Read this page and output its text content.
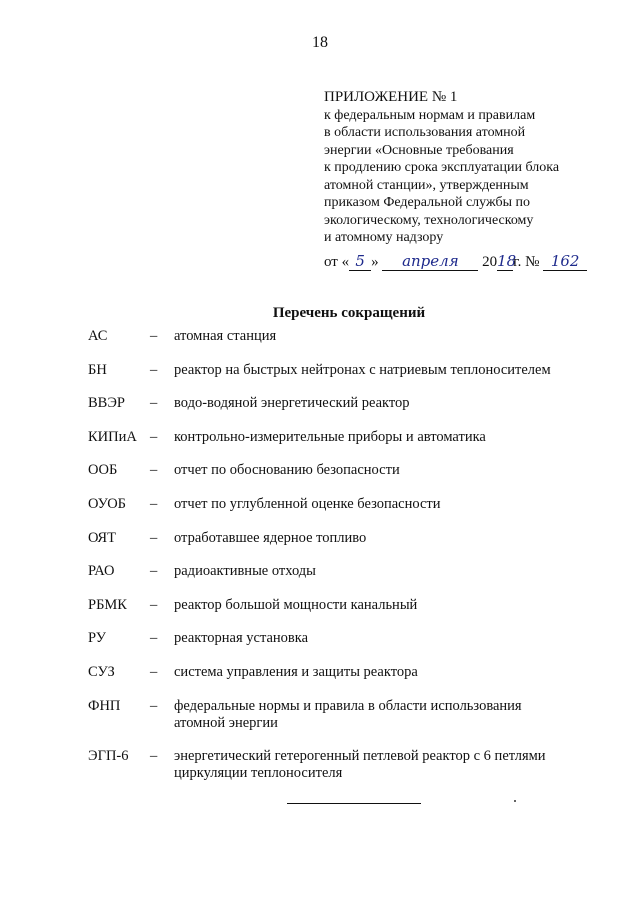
18
ПРИЛОЖЕНИЕ № 1
к федеральным нормам и правилам
в области использования атомной
энергии «Основные требования
к продлению срока эксплуатации блока
атомной станции», утвержденным
приказом Федеральной службы по
экологическому, технологическому
и атомному надзору
от « 5 » апреля 2018г. № 162
Перечень сокращений
АС	–	атомная станция
БН	–	реактор на быстрых нейтронах с натриевым теплоносителем
ВВЭР	–	водо-водяной энергетический реактор
КИПиА –	контрольно-измерительные приборы и автоматика
ООБ	–	отчет по обоснованию безопасности
ОУОБ	–	отчет по углубленной оценке безопасности
ОЯТ	–	отработавшее ядерное топливо
РАО	–	радиоактивные отходы
РБМК	–	реактор большой мощности канальный
РУ	–	реакторная установка
СУЗ	–	система управления и защиты реактора
ФНП	–	федеральные нормы и правила в области использования атомной энергии
ЭГП-6	–	энергетический гетерогенный петлевой реактор с 6 петлями циркуляции теплоносителя
